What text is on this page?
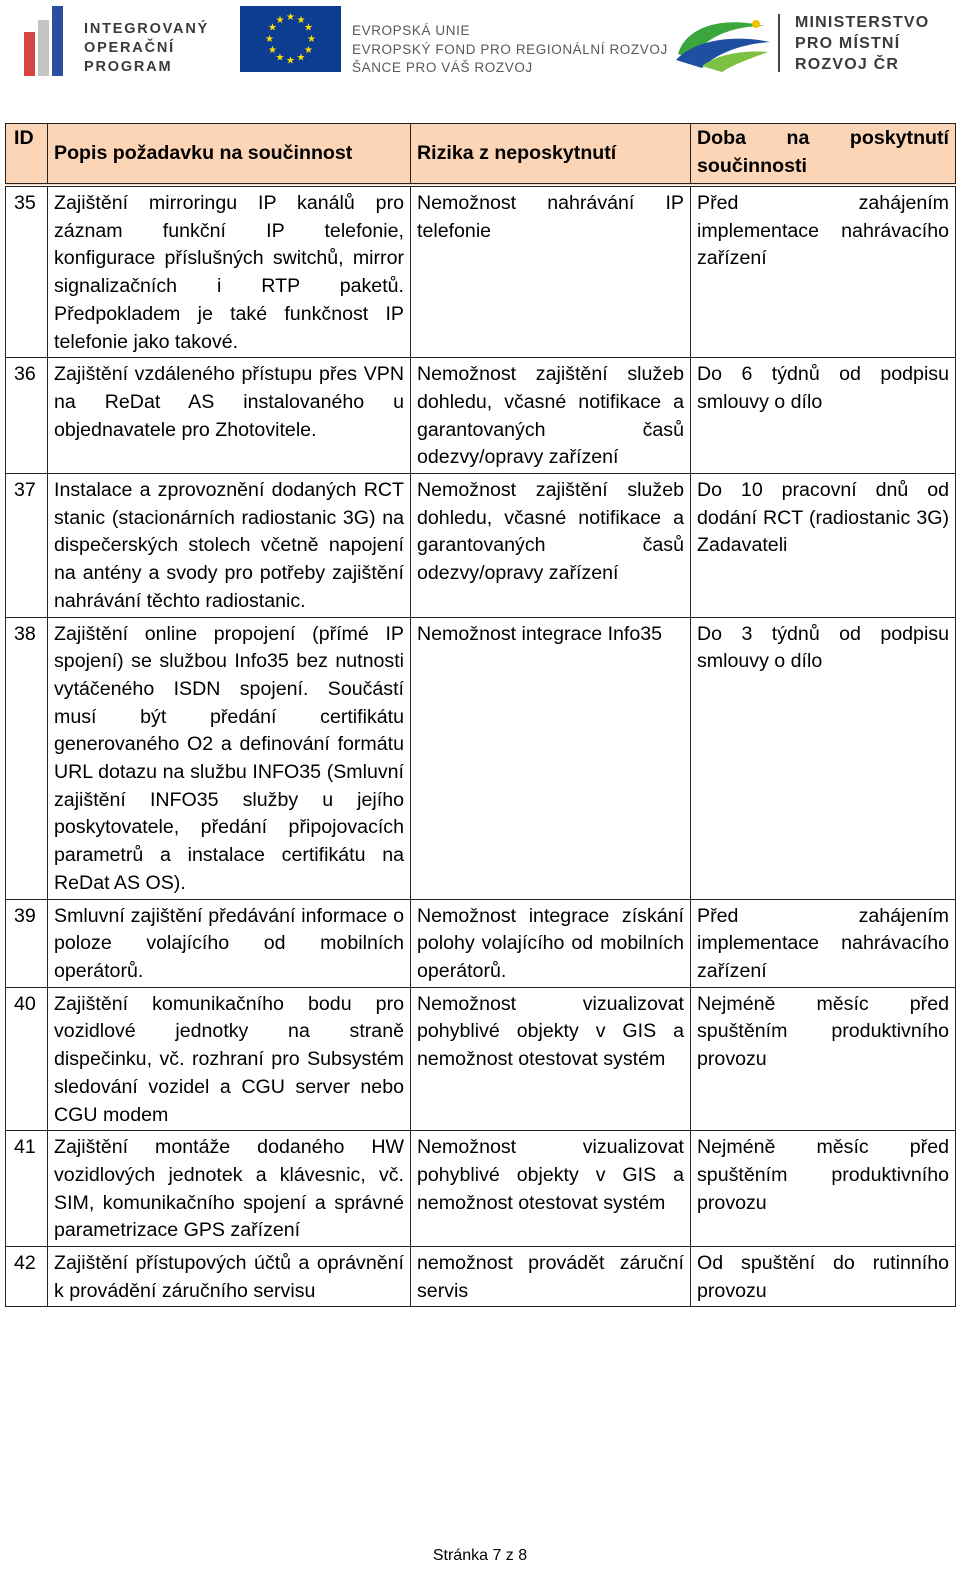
INTEGROVANÝ
OPERAČNÍ
PROGRAM
★ ★
★
★
★
★
★
★
★
★
★
★
EVROPSKÁ UNIE
EVROPSKÝ FOND PRO REGIONÁLNÍ ROZVOJ
ŠANCE PRO VÁŠ ROZVOJ
MINISTERSTVO
PRO MÍSTNÍ
ROZVOJ ČR
ID	Popis požadavku na součinnost	Rizika z neposkytnutí	Doba na poskytnutí součinnosti
35	Zajištění mirroringu IP kanálů pro záznam funkční IP telefonie, konfigurace příslušných switchů, mirror signalizačních i RTP paketů. Předpokladem je také funkčnost IP telefonie jako takové.	Nemožnost nahrávání IP telefonie	Před zahájením implementace nahrávacího zařízení
36	Zajištění vzdáleného přístupu přes VPN na ReDat AS instalovaného u objednavatele pro Zhotovitele.	Nemožnost zajištění služeb dohledu, včasné notifikace a garantovaných časů odezvy/opravy zařízení	Do 6 týdnů od podpisu smlouvy o dílo
37	Instalace a zprovoznění dodaných RCT stanic (stacionárních radiostanic 3G) na dispečerských stolech včetně napojení na antény a svody pro potřeby zajištění nahrávání těchto radiostanic.	Nemožnost zajištění služeb dohledu, včasné notifikace a garantovaných časů odezvy/opravy zařízení	Do 10 pracovní dnů od dodání RCT (radiostanic 3G) Zadavateli
38	Zajištění online propojení (přímé IP spojení) se službou Info35 bez nutnosti vytáčeného ISDN spojení. Součástí musí být předání certifikátu generovaného O2 a definování formátu URL dotazu na službu INFO35 (Smluvní zajištění INFO35 služby u jejího poskytovatele, předání připojovacích parametrů a instalace certifikátu na ReDat AS OS).	Nemožnost integrace Info35	Do 3 týdnů od podpisu smlouvy o dílo
39	Smluvní zajištění předávání informace o poloze volajícího od mobilních operátorů.	Nemožnost integrace získání polohy volajícího od mobilních operátorů.	Před zahájením implementace nahrávacího zařízení
40	Zajištění komunikačního bodu pro vozidlové jednotky na straně dispečinku, vč. rozhraní pro Subsystém sledování vozidel a CGU server nebo CGU modem	Nemožnost vizualizovat pohyblivé objekty v GIS a nemožnost otestovat systém	Nejméně měsíc před spuštěním produktivního provozu
41	Zajištění montáže dodaného HW vozidlových jednotek a klávesnic, vč. SIM, komunikačního spojení a správné parametrizace GPS zařízení	Nemožnost vizualizovat pohyblivé objekty v GIS a nemožnost otestovat systém	Nejméně měsíc před spuštěním produktivního provozu
42	Zajištění přístupových účtů a oprávnění k provádění záručního servisu	nemožnost provádět záruční servis	Od spuštění do rutinního provozu
Stránka 7 z 8
